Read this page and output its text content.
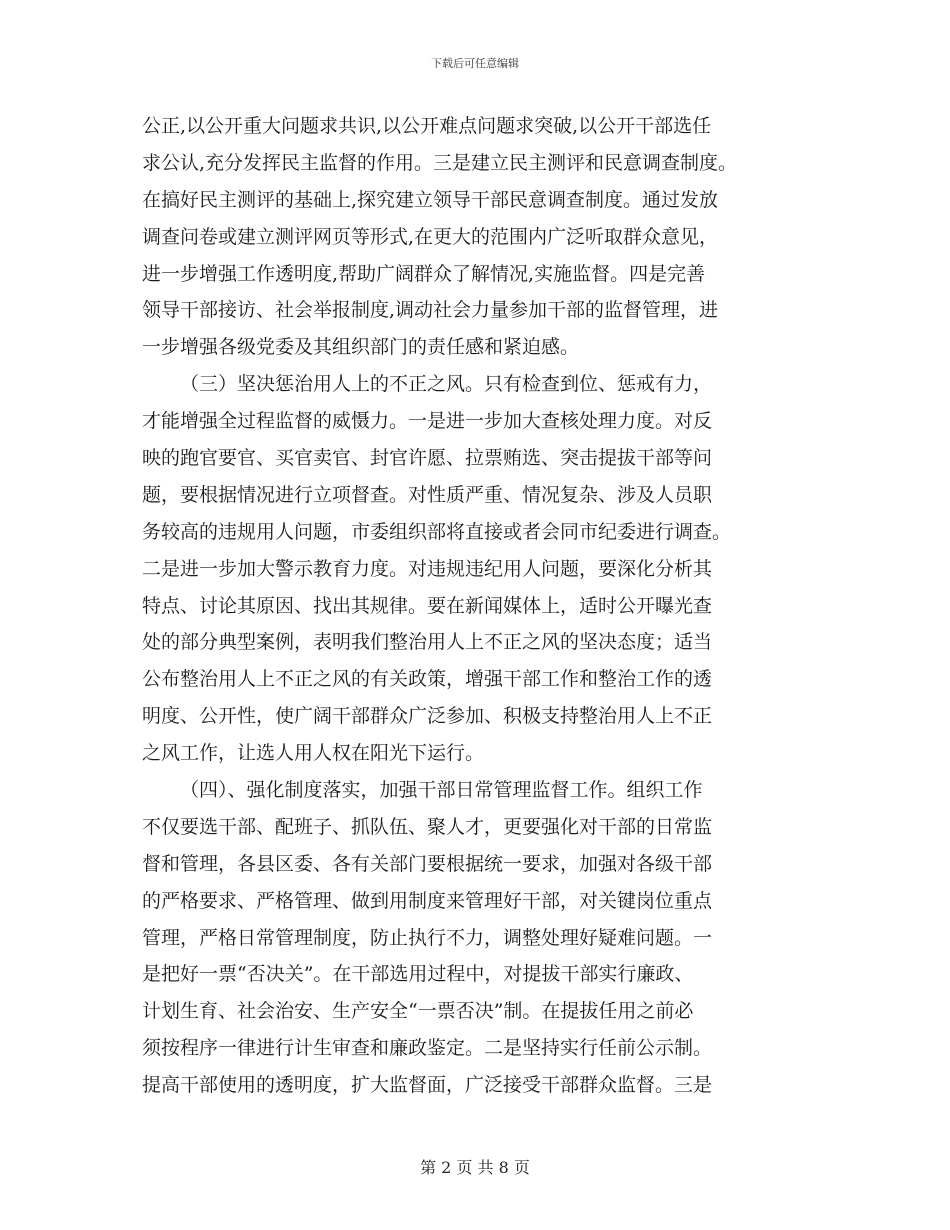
下载后可任意编辑
公正,以公开重大问题求共识,以公开难点问题求突破,以公开干部选任
求公认,充分发挥民主监督的作用。三是建立民主测评和民意调查制度。
在搞好民主测评的基础上,探究建立领导干部民意调查制度。通过发放
调查问卷或建立测评网页等形式,在更大的范围内广泛听取群众意见，
进一步增强工作透明度,帮助广阔群众了解情况,实施监督。四是完善
领导干部接访、社会举报制度,调动社会力量参加干部的监督管理，进
一步增强各级党委及其组织部门的责任感和紧迫感。
（三）坚决惩治用人上的不正之风。只有检查到位、惩戒有力，
才能增强全过程监督的威慑力。一是进一步加大查核处理力度。对反
映的跑官要官、买官卖官、封官许愿、拉票贿选、突击提拔干部等问
题，要根据情况进行立项督查。对性质严重、情况复杂、涉及人员职
务较高的违规用人问题，市委组织部将直接或者会同市纪委进行调查。
二是进一步加大警示教育力度。对违规违纪用人问题，要深化分析其
特点、讨论其原因、找出其规律。要在新闻媒体上，适时公开曝光查
处的部分典型案例，表明我们整治用人上不正之风的坚决态度；适当
公布整治用人上不正之风的有关政策，增强干部工作和整治工作的透
明度、公开性，使广阔干部群众广泛参加、积极支持整治用人上不正
之风工作，让选人用人权在阳光下运行。
（四）、强化制度落实，加强干部日常管理监督工作。组织工作
不仅要选干部、配班子、抓队伍、聚人才，更要强化对干部的日常监
督和管理，各县区委、各有关部门要根据统一要求，加强对各级干部
的严格要求、严格管理、做到用制度来管理好干部，对关键岗位重点
管理，严格日常管理制度，防止执行不力，调整处理好疑难问题。一
是把好一票“否决关”。在干部选用过程中，对提拔干部实行廉政、
计划生育、社会治安、生产安全“一票否决”制。在提拔任用之前必
须按程序一律进行计生审查和廉政鉴定。二是坚持实行任前公示制。
提高干部使用的透明度，扩大监督面，广泛接受干部群众监督。三是
第 2 页 共 8 页
